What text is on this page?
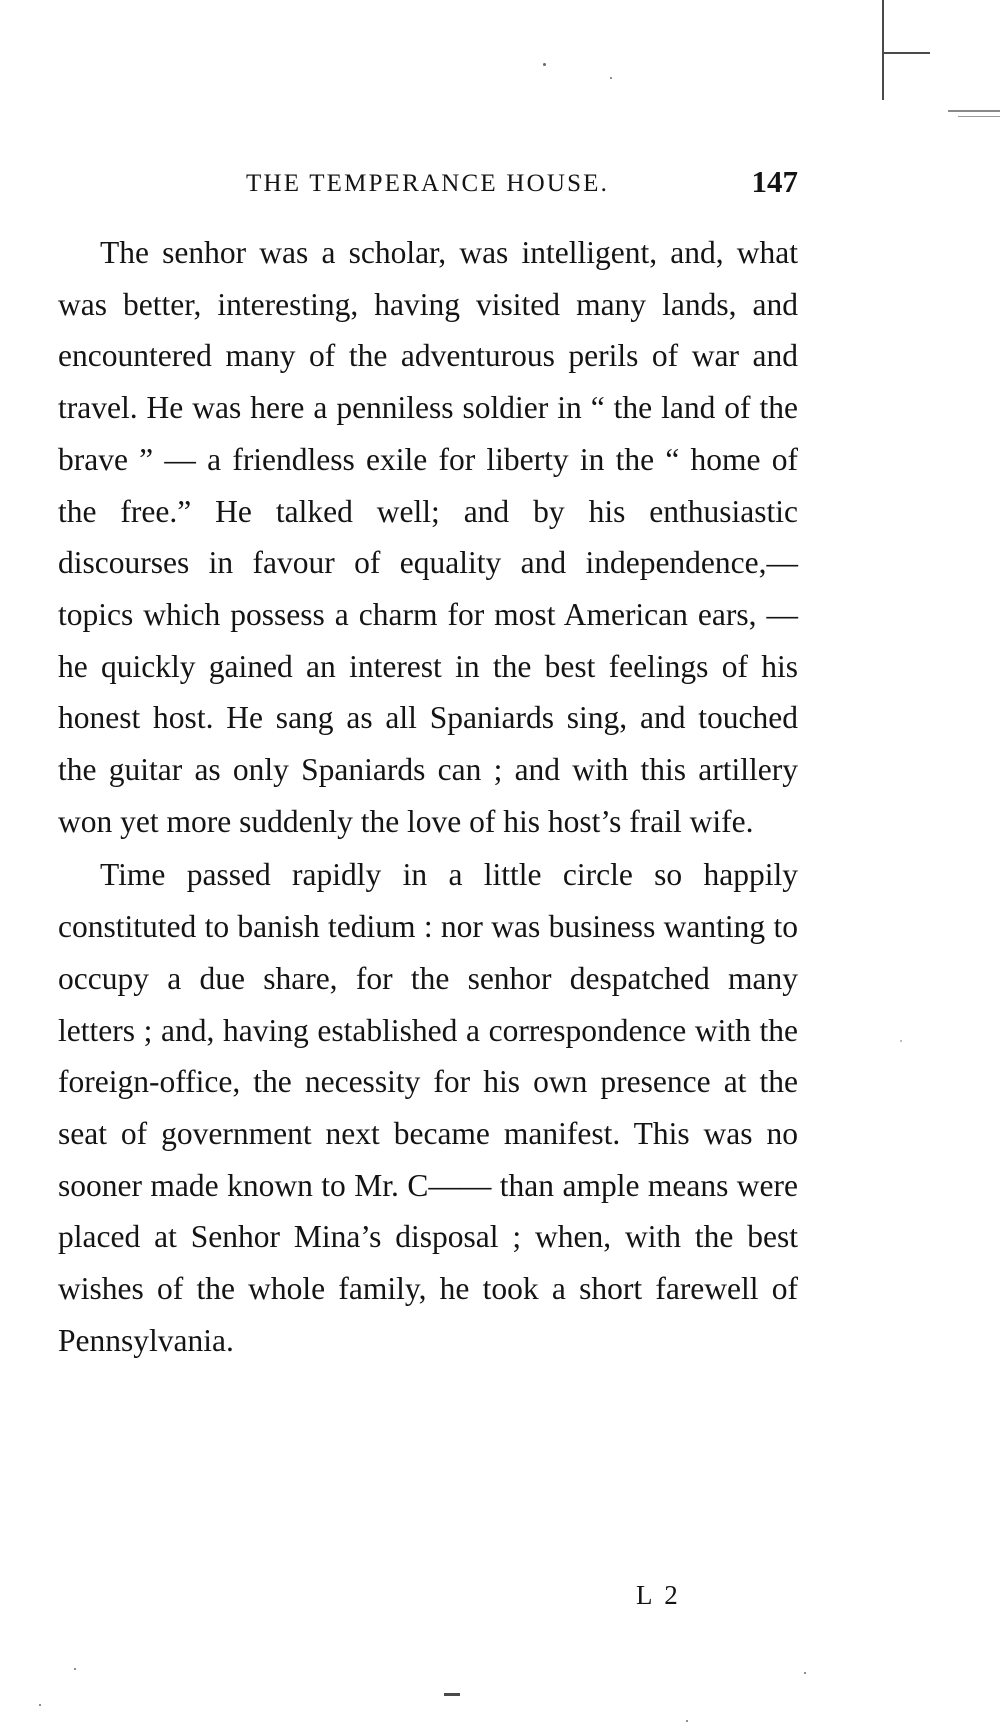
THE TEMPERANCE HOUSE.	147

The senhor was a scholar, was intelligent, and, what was better, interesting, having visited many lands, and encountered many of the adventurous perils of war and travel. He was here a penniless soldier in “ the land of the brave ” — a friendless exile for liberty in the “ home of the free.” He talked well; and by his enthusiastic discourses in favour of equality and independence,—topics which possess a charm for most American ears, — he quickly gained an interest in the best feelings of his honest host. He sang as all Spaniards sing, and touched the guitar as only Spaniards can ; and with this artillery won yet more suddenly the love of his host’s frail wife.

Time passed rapidly in a little circle so happily constituted to banish tedium : nor was business wanting to occupy a due share, for the senhor despatched many letters ; and, having established a correspondence with the foreign-office, the necessity for his own presence at the seat of government next became manifest. This was no sooner made known to Mr. C—— than ample means were placed at Senhor Mina’s disposal ; when, with the best wishes of the whole family, he took a short farewell of Pennsylvania.

L 2
